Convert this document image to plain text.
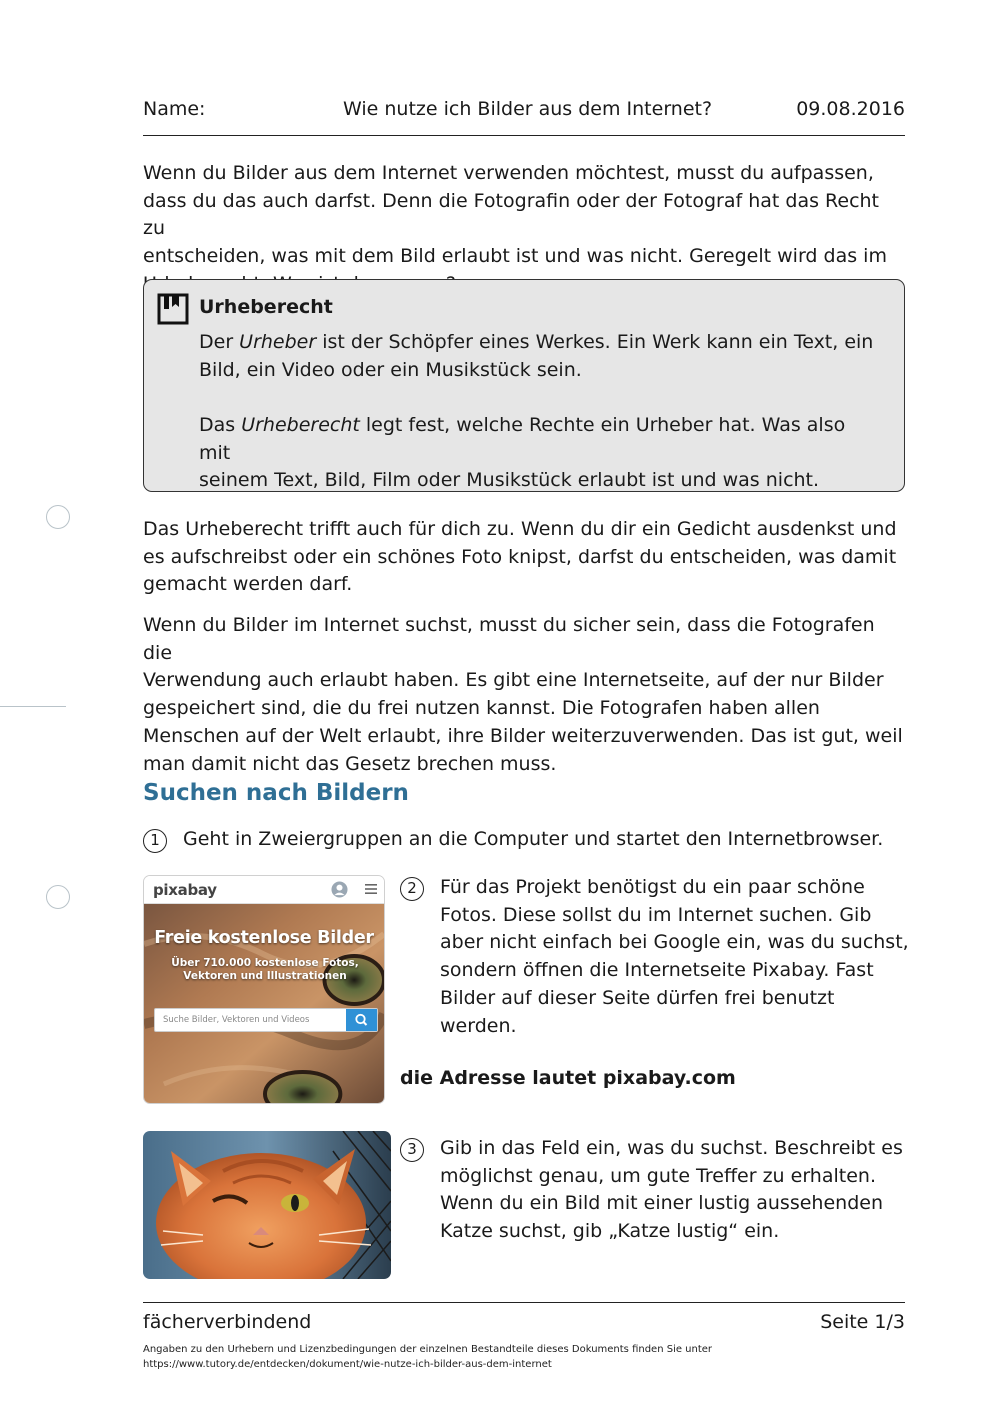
Name:	Wie nutze ich Bilder aus dem Internet?	09.08.2016
Wenn du Bilder aus dem Internet verwenden möchtest, musst du aufpassen,
dass du das auch darfst. Denn die Fotografin oder der Fotograf hat das Recht zu
entscheiden, was mit dem Bild erlaubt ist und was nicht. Geregelt wird das im
Urheberecht
Der Urheber ist der Schöpfer eines Werkes. Ein Werk kann ein Text, ein
Bild, ein Video oder ein Musikstück sein.
Das Urheberecht legt fest, welche Rechte ein Urheber hat. Was also mit
seinem Text, Bild, Film oder Musikstück erlaubt ist und was nicht.
Das Urheberecht trifft auch für dich zu. Wenn du dir ein Gedicht ausdenkst und
es aufschreibst oder ein schönes Foto knipst, darfst du entscheiden, was damit
gemacht werden darf.
Wenn du Bilder im Internet suchst, musst du sicher sein, dass die Fotografen die
Verwendung auch erlaubt haben. Es gibt eine Internetseite, auf der nur Bilder
gespeichert sind, die du frei nutzen kannst. Die Fotografen haben allen
Menschen auf der Welt erlaubt, ihre Bilder weiterzuverwenden. Das ist gut, weil
man damit nicht das Gesetz brechen muss.
Suchen nach Bildern
1	Geht in Zweiergruppen an die Computer und startet den Internetbrowser.
pixabay
Freie kostenlose Bilder
Über 710.000 kostenlose Fotos,
Vektoren und Illustrationen
Suche Bilder, Vektoren und Videos
2	Für das Projekt benötigst du ein paar schöne
Fotos. Diese sollst du im Internet suchen. Gib
aber nicht einfach bei Google ein, was du suchst,
sondern öffnen die Internetseite Pixabay. Fast
Bilder auf dieser Seite dürfen frei benutzt
werden.
die Adresse lautet pixabay.com
3	Gib in das Feld ein, was du suchst. Beschreibt es
möglichst genau, um gute Treffer zu erhalten.
Wenn du ein Bild mit einer lustig aussehenden
Katze suchst, gib „Katze lustig“ ein.
fächerverbindend	Seite 1/3
Angaben zu den Urhebern und Lizenzbedingungen der einzelnen Bestandteile dieses Dokuments finden Sie unter
https://www.tutory.de/entdecken/dokument/wie-nutze-ich-bilder-aus-dem-internet
